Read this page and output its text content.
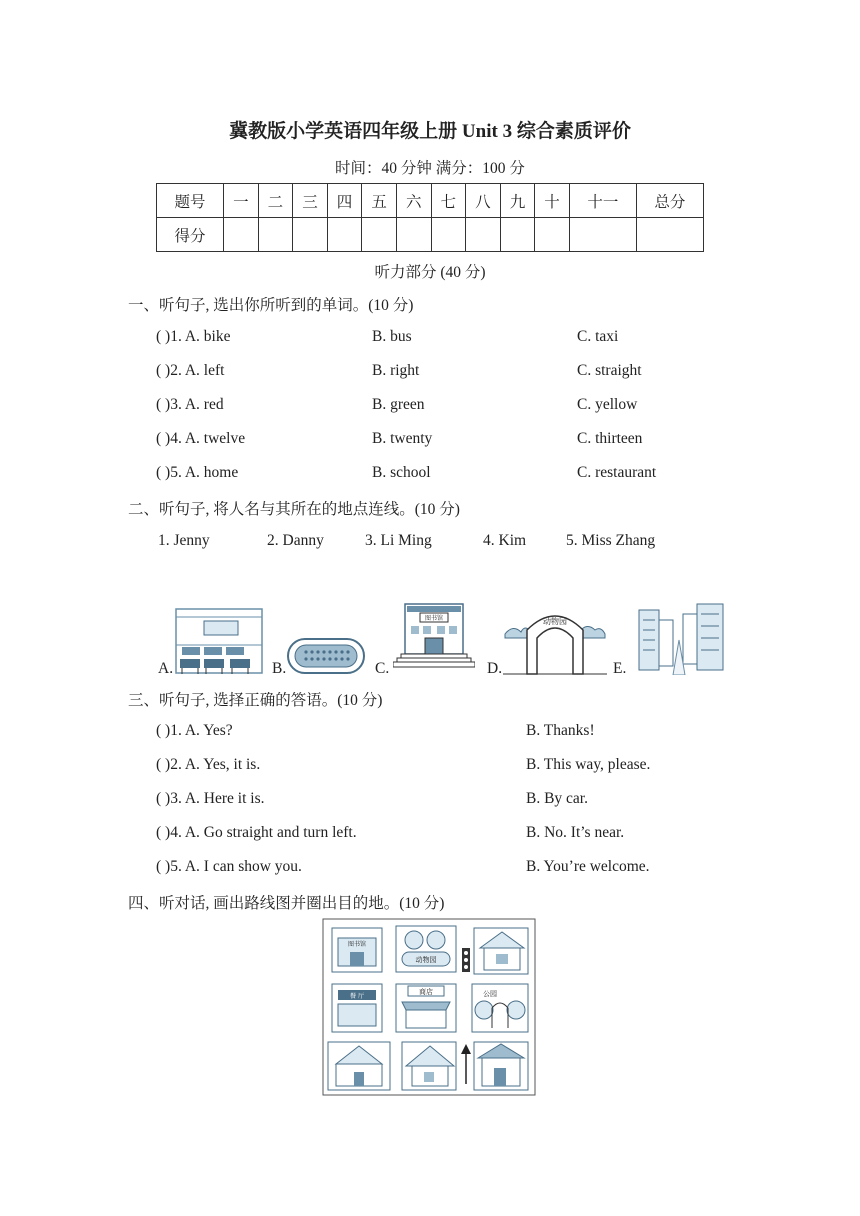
冀教版小学英语四年级上册 Unit 3 综合素质评价
时间：40 分钟 满分：100 分
题号	一	二	三	四	五	六	七	八	九	十	十一	总分
得分												
听力部分 (40 分)
一、听句子, 选出你所听到的单词。(10 分)
( )1. A. bike	B. bus	C. taxi
( )2. A. left	B. right	C. straight
( )3. A. red	B. green	C. yellow
( )4. A. twelve	B. twenty	C. thirteen
( )5. A. home	B. school	C. restaurant
二、听句子, 将人名与其所在的地点连线。(10 分)
1. Jenny	2. Danny	3. Li Ming	4. Kim	5. Miss Zhang
A.	B.	C.
图书馆
D.
动物园
E.
三、听句子, 选择正确的答语。(10 分)
( )1. A. Yes?	B. Thanks!
( )2. A. Yes, it is.	B. This way, please.
( )3. A. Here it is.	B. By car.
( )4. A. Go straight and turn left.	B. No. It’s near.
( )5. A. I can show you.	B. You’re welcome.
四、听对话, 画出路线图并圈出目的地。(10 分)
图书馆
动物园
餐 厅
商店	公园
